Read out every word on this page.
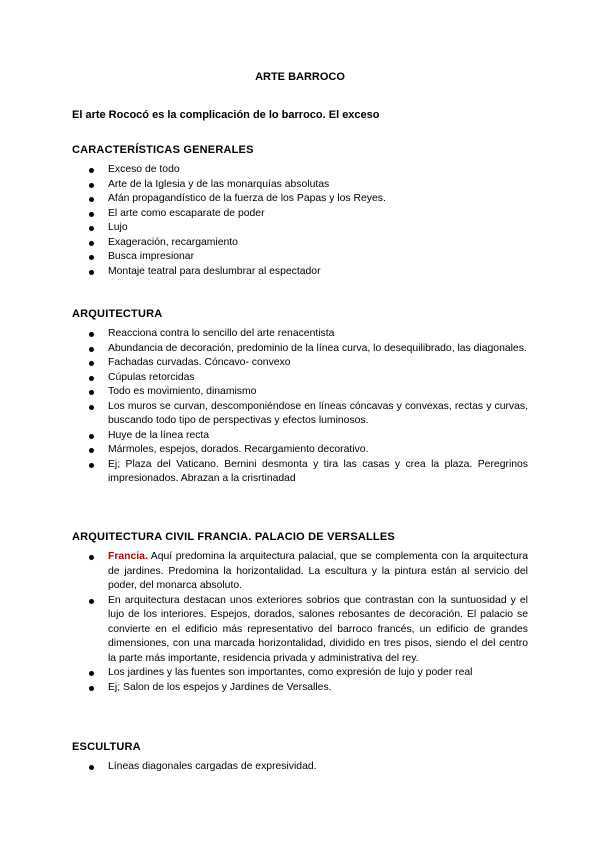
ARTE BARROCO
El arte Rococó es la complicación de lo barroco. El exceso
CARACTERÍSTICAS GENERALES
Exceso de todo
Arte de la Iglesia y de las monarquías absolutas
Afán propagandístico de la fuerza de los Papas y los Reyes.
El arte como escaparate de poder
Lujo
Exageración, recargamiento
Busca impresionar
Montaje teatral para deslumbrar al espectador
ARQUITECTURA
Reacciona contra lo sencillo del arte renacentista
Abundancia de decoración, predominio de la línea curva, lo desequilibrado, las diagonales.
Fachadas curvadas. Cóncavo- convexo
Cúpulas retorcidas
Todo es movimiento, dinamismo
Los muros se curvan, descomponiéndose en líneas cóncavas y convexas, rectas y curvas, buscando todo tipo de perspectivas y efectos luminosos.
Huye de la línea recta
Mármoles, espejos, dorados. Recargamiento decorativo.
Ej; Plaza del Vaticano. Bernini desmonta y tira las casas y crea la plaza. Peregrinos impresionados. Abrazan a la crisrtinadad
ARQUITECTURA CIVIL FRANCIA. PALACIO DE VERSALLES
Francia. Aquí predomina la arquitectura palacial, que se complementa con la arquitectura de jardines. Predomina la horizontalidad. La escultura y la pintura están al servicio del poder, del monarca absoluto.
En arquitectura destacan unos exteriores sobrios que contrastan con la suntuosidad y el lujo de los interiores. Espejos, dorados, salones rebosantes de decoración. El palacio se convierte en el edificio más representativo del barroco francés, un edificio de grandes dimensiones, con una marcada horizontalidad, dividido en tres pisos, siendo el del centro la parte más importante, residencia privada y administrativa del rey.
Los jardines y las fuentes son importantes, como expresión de lujo y poder real
Ej; Salon de los espejos y Jardines de Versalles.
ESCULTURA
Líneas diagonales cargadas de expresividad.
